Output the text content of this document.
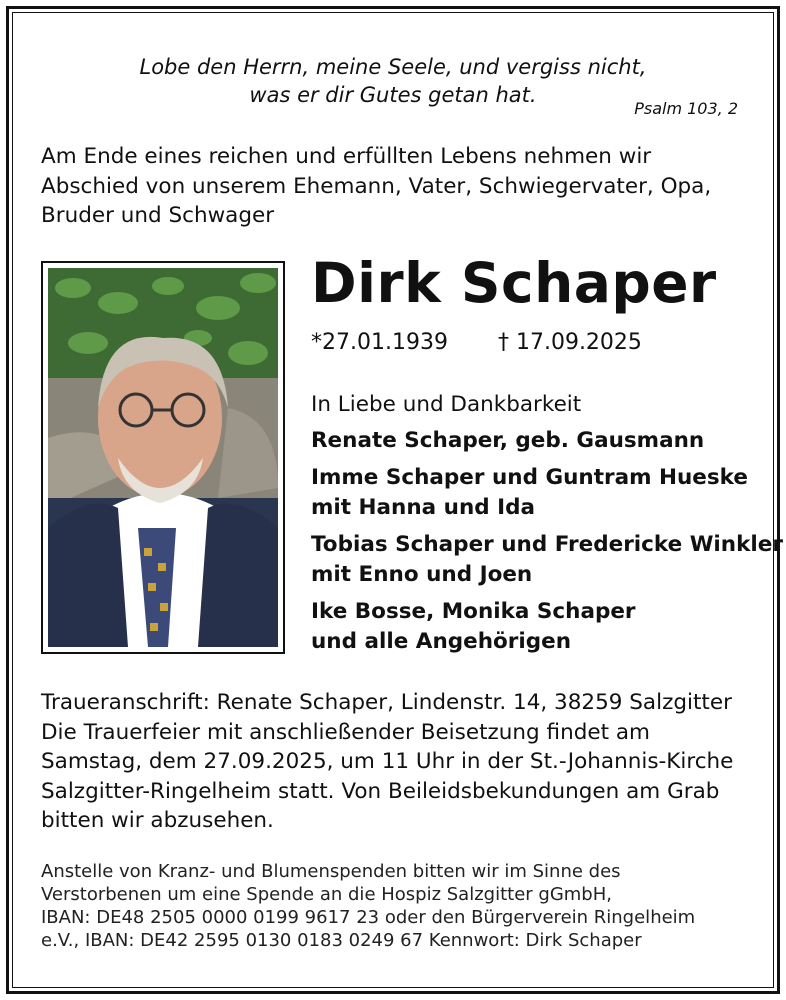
Lobe den Herrn, meine Seele, und vergiss nicht,
was er dir Gutes getan hat.
Psalm 103, 2
Am Ende eines reichen und erfüllten Lebens nehmen wir
Abschied von unserem Ehemann, Vater, Schwiegervater, Opa,
Bruder und Schwager
Dirk Schaper
*27.01.1939 † 17.09.2025
In Liebe und Dankbarkeit
Renate Schaper, geb. Gausmann
Imme Schaper und Guntram Hueske
mit Hanna und Ida
Tobias Schaper und Fredericke Winkler
mit Enno und Joen
Ike Bosse, Monika Schaper
und alle Angehörigen
Traueranschrift: Renate Schaper, Lindenstr. 14, 38259 Salzgitter
Die Trauerfeier mit anschließender Beisetzung findet am
Samstag, dem 27.09.2025, um 11 Uhr in der St.-Johannis-Kirche
Salzgitter-Ringelheim statt. Von Beileidsbekundungen am Grab
bitten wir abzusehen.
Anstelle von Kranz- und Blumenspenden bitten wir im Sinne des
Verstorbenen um eine Spende an die Hospiz Salzgitter gGmbH,
IBAN: DE48 2505 0000 0199 9617 23 oder den Bürgerverein Ringelheim
e.V., IBAN: DE42 2595 0130 0183 0249 67 Kennwort: Dirk Schaper
